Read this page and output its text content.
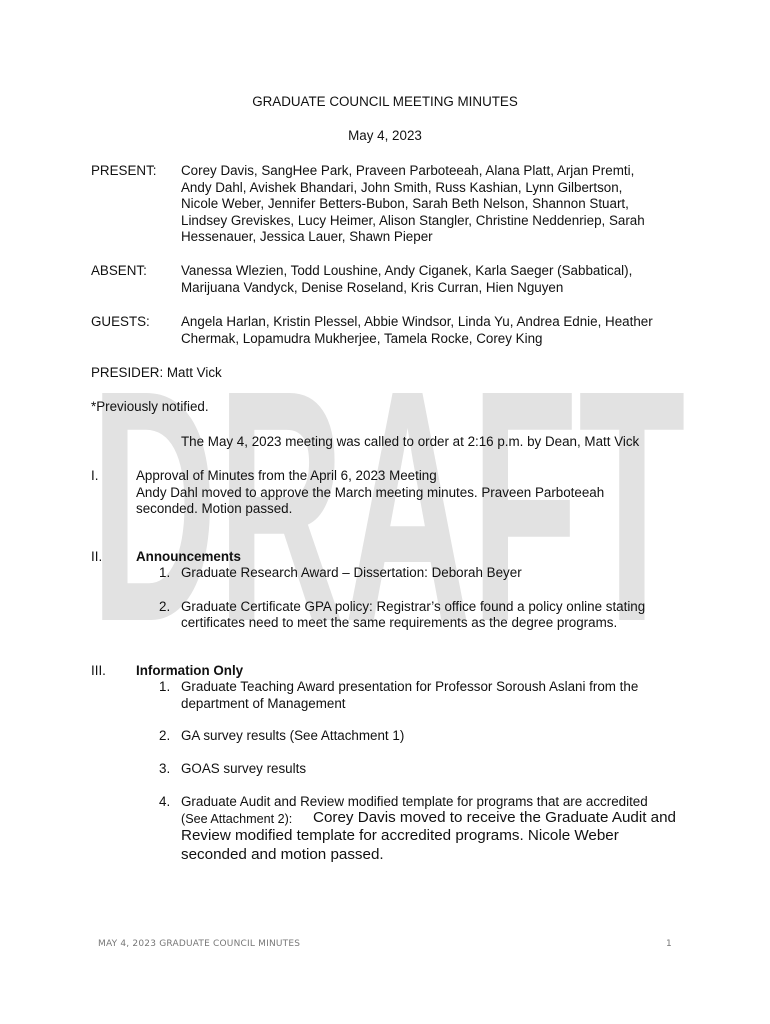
DRAFT
GRADUATE COUNCIL MEETING MINUTES
May 4, 2023
PRESENT: Corey Davis, SangHee Park, Praveen Parboteeah, Alana Platt, Arjan Premti,
Andy Dahl, Avishek Bhandari, John Smith, Russ Kashian, Lynn Gilbertson,
Nicole Weber, Jennifer Betters-Bubon, Sarah Beth Nelson, Shannon Stuart,
Lindsey Greviskes, Lucy Heimer, Alison Stangler, Christine Neddenriep, Sarah
Hessenauer, Jessica Lauer, Shawn Pieper
ABSENT:	Vanessa Wlezien, Todd Loushine, Andy Ciganek, Karla Saeger (Sabbatical),
Marijuana Vandyck, Denise Roseland, Kris Curran, Hien Nguyen
GUESTS: Angela Harlan, Kristin Plessel, Abbie Windsor, Linda Yu, Andrea Ednie, Heather
Chermak, Lopamudra Mukherjee, Tamela Rocke, Corey King
PRESIDER: Matt Vick
*Previously notified.
The May 4, 2023 meeting was called to order at 2:16 p.m. by Dean, Matt Vick
I.	Approval of Minutes from the April 6, 2023 Meeting
Andy Dahl moved to approve the March meeting minutes. Praveen Parboteeah
seconded. Motion passed.
II.	Announcements
1. Graduate Research Award – Dissertation: Deborah Beyer
2. Graduate Certificate GPA policy: Registrar’s office found a policy online stating
certificates need to meet the same requirements as the degree programs.
III. Information Only
1. Graduate Teaching Award presentation for Professor Soroush Aslani from the
department of Management
2. GA survey results (See Attachment 1)
3. GOAS survey results
4. Graduate Audit and Review modified template for programs that are accredited
(See Attachment 2): Corey Davis moved to receive the Graduate Audit and
Review modified template for accredited programs. Nicole Weber
seconded and motion passed.
MAY 4, 2023 GRADUATE COUNCIL MINUTES	1
